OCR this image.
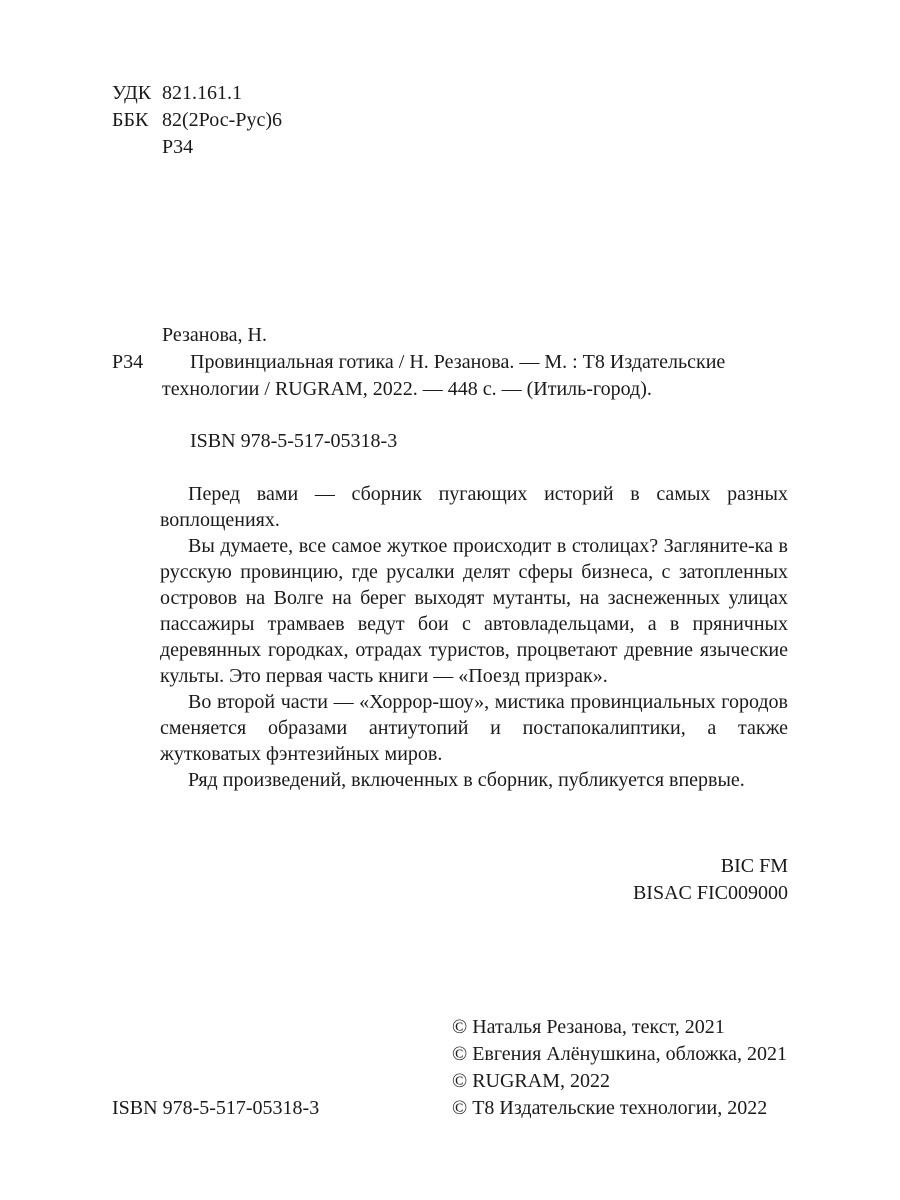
УДК 821.161.1
ББК 82(2Рос-Рус)6
Р34
Резанова, Н.
Р34 Провинциальная готика / Н. Резанова. — М. : Т8 Издательские
технологии / RUGRAM, 2022. — 448 с. — (Итиль-город).
ISBN 978-5-517-05318-3

Перед вами — сборник пугающих историй в самых разных воплощениях.

Вы думаете, все самое жуткое происходит в столицах? Загляните-ка в русскую провинцию, где русалки делят сферы бизнеса, с затопленных островов на Волге на берег выходят мутанты, на заснеженных улицах пассажиры трамваев ведут бои с автовладельцами, а в пряничных деревянных городках, отрадах туристов, процветают древние языческие культы. Это первая часть книги — «Поезд призрак».

Во второй части — «Хоррор-шоу», мистика провинциальных городов сменяется образами антиутопий и постапокалиптики, а также жутковатых фэнтезийных миров.

Ряд произведений, включенных в сборник, публикуется впервые.

BIC FM
BISAC FIC009000
© Наталья Резанова, текст, 2021
© Евгения Алёнушкина, обложка, 2021
© RUGRAM, 2022
© Т8 Издательские технологии, 2022
ISBN 978-5-517-05318-3
